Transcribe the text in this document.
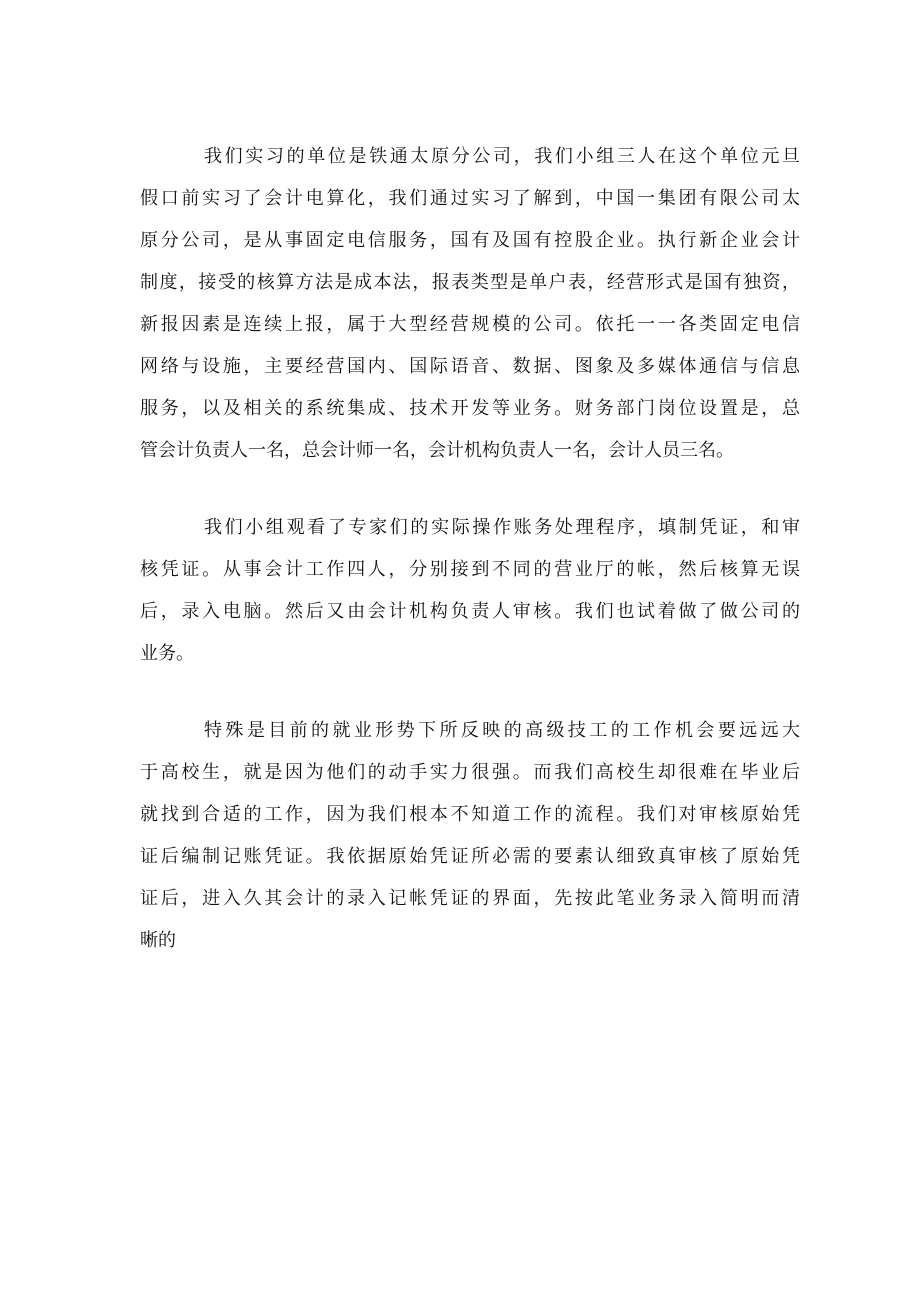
我们实习的单位是铁通太原分公司，我们小组三人在这个单位元旦
假口前实习了会计电算化，我们通过实习了解到，中国一集团有限公司太
原分公司，是从事固定电信服务，国有及国有控股企业。执行新企业会计
制度，接受的核算方法是成本法，报表类型是单户表，经营形式是国有独资，
新报因素是连续上报，属于大型经营规模的公司。依托一一各类固定电信
网络与设施，主要经营国内、国际语音、数据、图象及多媒体通信与信息
服务，以及相关的系统集成、技术开发等业务。财务部门岗位设置是，总
管会计负责人一名，总会计师一名，会计机构负责人一名，会计人员三名。
我们小组观看了专家们的实际操作账务处理程序，填制凭证，和审
核凭证。从事会计工作四人，分别接到不同的营业厅的帐，然后核算无误
后，录入电脑。然后又由会计机构负责人审核。我们也试着做了做公司的
业务。
特殊是目前的就业形势下所反映的高级技工的工作机会要远远大
于高校生，就是因为他们的动手实力很强。而我们高校生却很难在毕业后
就找到合适的工作，因为我们根本不知道工作的流程。我们对审核原始凭
证后编制记账凭证。我依据原始凭证所必需的要素认细致真审核了原始凭
证后，进入久其会计的录入记帐凭证的界面，先按此笔业务录入简明而清
晰的
